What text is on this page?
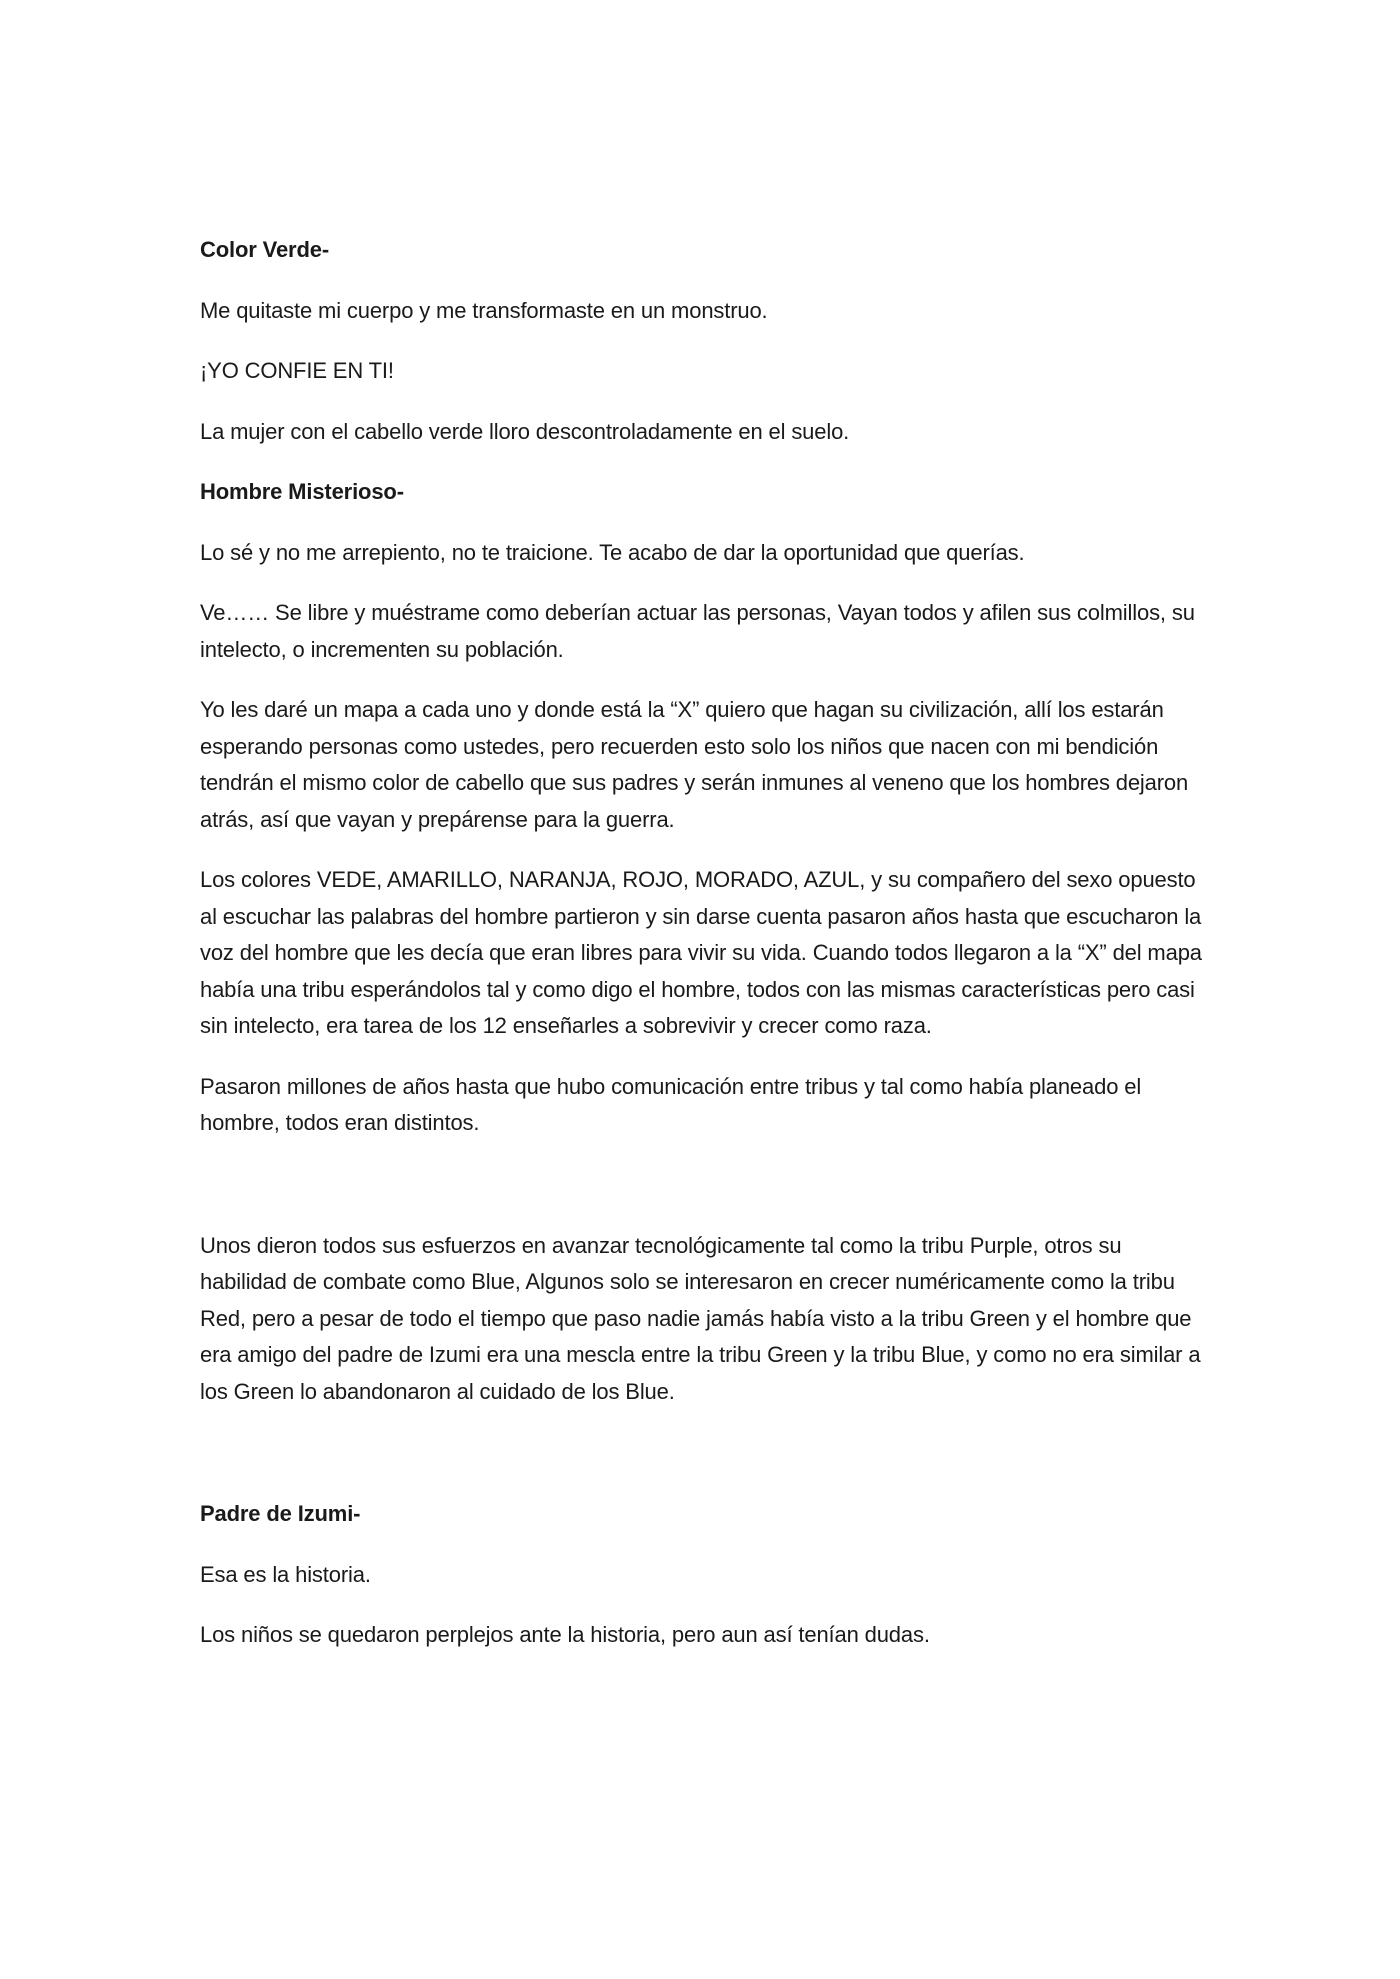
Color Verde-

Me quitaste mi cuerpo y me transformaste en un monstruo.

¡YO CONFIE EN TI!

La mujer con el cabello verde lloro descontroladamente en el suelo.

Hombre Misterioso-

Lo sé y no me arrepiento, no te traicione. Te acabo de dar la oportunidad que querías.

Ve…… Se libre y muéstrame como deberían actuar las personas, Vayan todos y afilen sus colmillos, su intelecto, o incrementen su población.

Yo les daré un mapa a cada uno y donde está la “X” quiero que hagan su civilización, allí los estarán esperando personas como ustedes, pero recuerden esto solo los niños que nacen con mi bendición tendrán el mismo color de cabello que sus padres y serán inmunes al veneno que los hombres dejaron atrás, así que vayan y prepárense para la guerra.

Los colores VEDE, AMARILLO, NARANJA, ROJO, MORADO, AZUL, y su compañero del sexo opuesto al escuchar las palabras del hombre partieron y sin darse cuenta pasaron años hasta que escucharon la voz del hombre que les decía que eran libres para vivir su vida. Cuando todos llegaron a la “X” del mapa había una tribu esperándolos tal y como digo el hombre, todos con las mismas características pero casi sin intelecto, era tarea de los 12 enseñarles a sobrevivir y crecer como raza.

Pasaron millones de años hasta que hubo comunicación entre tribus y tal como había planeado el hombre, todos eran distintos.

Unos dieron todos sus esfuerzos en avanzar tecnológicamente tal como la tribu Purple, otros su habilidad de combate como Blue, Algunos solo se interesaron en crecer numéricamente como la tribu Red, pero a pesar de todo el tiempo que paso nadie jamás había visto a la tribu Green y el hombre que era amigo del padre de Izumi era una mescla entre la tribu Green y la tribu Blue, y como no era similar a los Green lo abandonaron al cuidado de los Blue.

Padre de Izumi-

Esa es la historia.

Los niños se quedaron perplejos ante la historia, pero aun así tenían dudas.
